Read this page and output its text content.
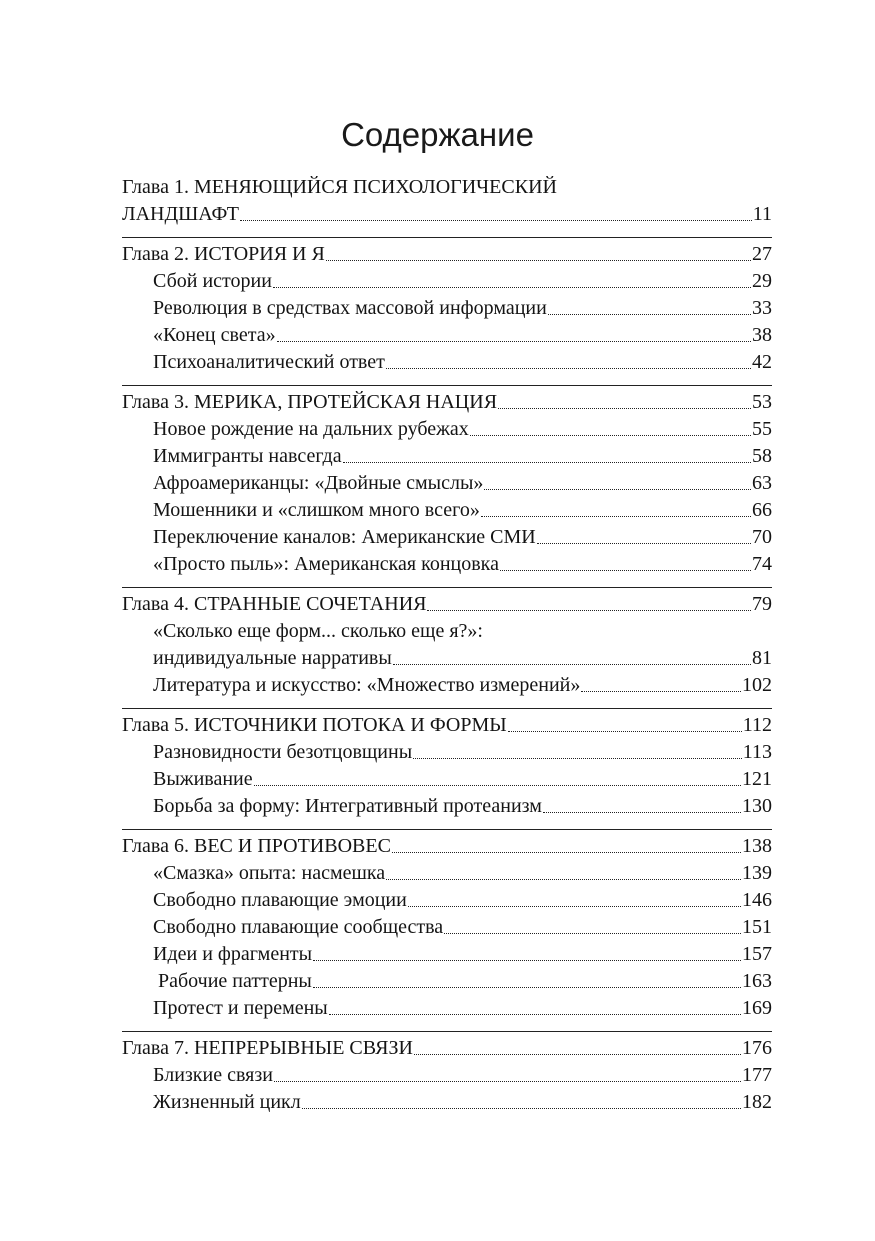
Содержание
Глава 1. МЕНЯЮЩИЙСЯ ПСИХОЛОГИЧЕСКИЙ
ЛАНДШАФТ	11
Глава 2. ИСТОРИЯ И Я	27
Сбой истории	29
Революция в средствах массовой информации	33
«Конец света»	38
Психоаналитический ответ	42
Глава 3. МЕРИКА, ПРОТЕЙСКАЯ НАЦИЯ	53
Новое рождение на дальних рубежах	55
Иммигранты навсегда	58
Афроамериканцы: «Двойные смыслы»	63
Мошенники и «слишком много всего»	66
Переключение каналов: Американские СМИ	70
«Просто пыль»: Американская концовка	74
Глава 4. СТРАННЫЕ СОЧЕТАНИЯ	79
«Сколько еще форм... сколько еще я?»:
индивидуальные нарративы	81
Литература и искусство: «Множество измерений»	102
Глава 5. ИСТОЧНИКИ ПОТОКА И ФОРМЫ	112
Разновидности безотцовщины	113
Выживание	121
Борьба за форму: Интегративный протеанизм	130
Глава 6. ВЕС И ПРОТИВОВЕС	138
«Смазка» опыта: насмешка	139
Свободно плавающие эмоции	146
Свободно плавающие сообщества	151
Идеи и фрагменты	157
Рабочие паттерны	163
Протест и перемены	169
Глава 7. НЕПРЕРЫВНЫЕ СВЯЗИ	176
Близкие связи	177
Жизненный цикл	182
